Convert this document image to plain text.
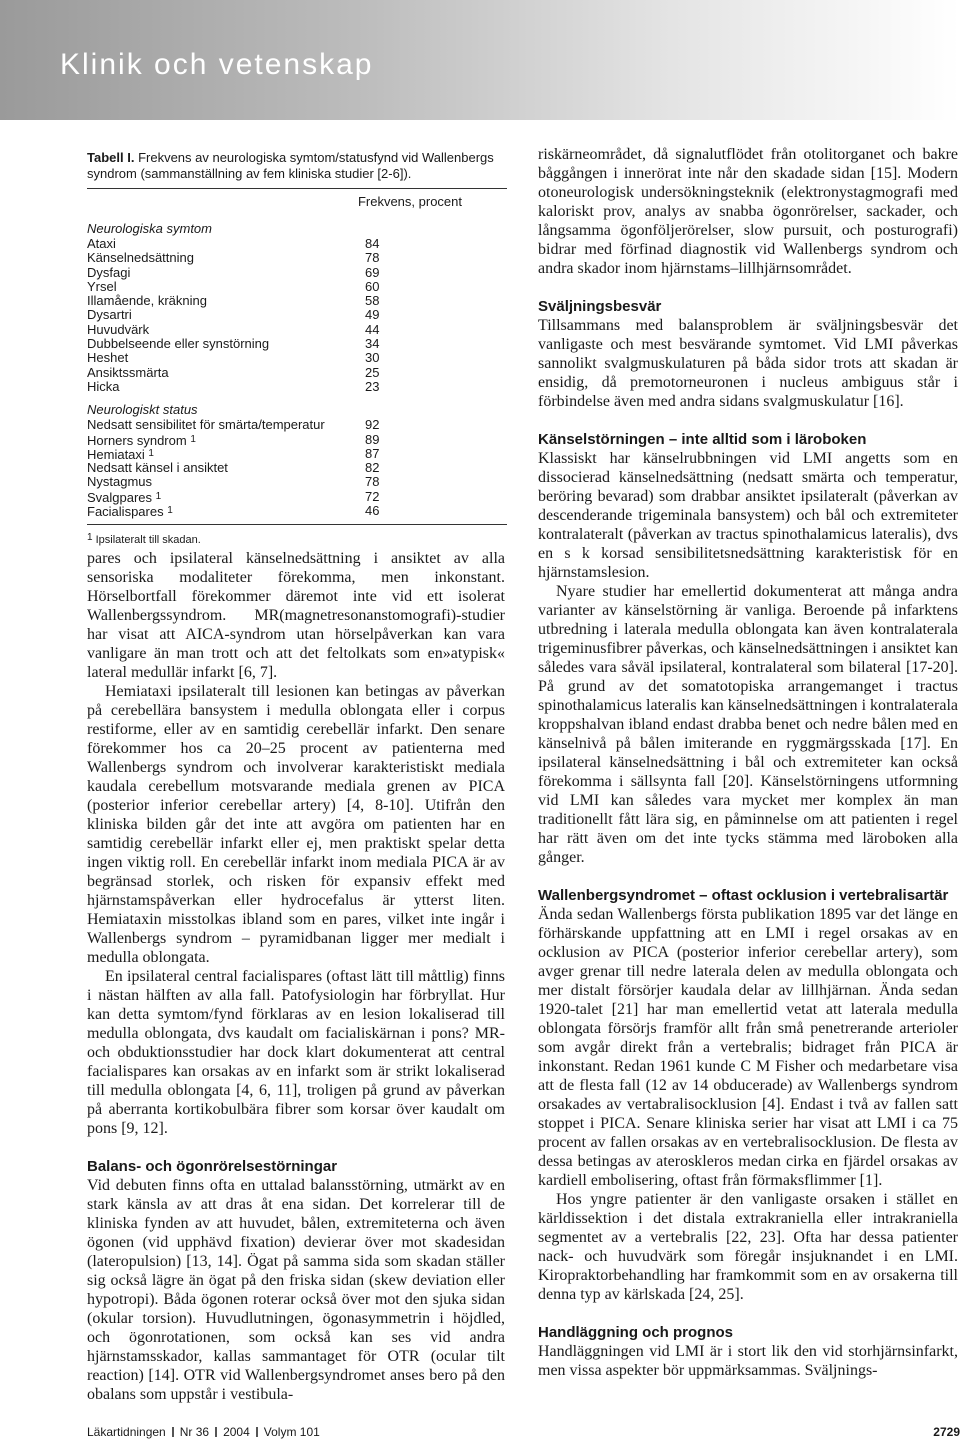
Klinik och vetenskap

Tabell I. Frekvens av neurologiska symtom/statusfynd vid Wallenbergs syndrom (sammanställning av fem kliniska studier [2-6]).

Frekvens, procent
Neurologiska symtom
Ataxi	84
Känselnedsättning	78
Dysfagi	69
Yrsel	60
Illamående, kräkning	58
Dysartri	49
Huvudvärk	44
Dubbelseende eller synstörning	34
Heshet	30
Ansiktssmärta	25
Hicka	23
Neurologiskt status
Nedsatt sensibilitet för smärta/temperatur	92
Horners syndrom $^1$	89
Hemiataxi $^1$	87
Nedsatt känsel i ansiktet	82
Nystagmus	78
Svalgpares $^1$	72
Facialispares $^1$	46
1 Ipsilateralt till skadan.

pares och ipsilateral känselnedsättning i ansiktet av alla sensoriska modaliteter förekomma, men inkonstant. Hörselbortfall förekommer däremot inte vid ett isolerat Wallenbergssyndrom. MR(magnetresonanstomografi)-studier har visat att AICA-syndrom utan hörselpåverkan kan vara vanligare än man trott och att det feltolkats som en»atypisk« lateral medullär infarkt [6, 7].

Hemiataxi ipsilateralt till lesionen kan betingas av påverkan på cerebellära bansystem i medulla oblongata eller i corpus restiforme, eller av en samtidig cerebellär infarkt. Den senare förekommer hos ca 20–25 procent av patienterna med Wallenbergs syndrom och involverar karakteristiskt mediala kaudala cerebellum motsvarande mediala grenen av PICA (posterior inferior cerebellar artery) [4, 8-10]. Utifrån den kliniska bilden går det inte att avgöra om patienten har en samtidig cerebellär infarkt eller ej, men praktiskt spelar detta ingen viktig roll. En cerebellär infarkt inom mediala PICA är av begränsad storlek, och risken för expansiv effekt med hjärnstamspåverkan eller hydrocefalus är ytterst liten. Hemiataxin misstolkas ibland som en pares, vilket inte ingår i Wallenbergs syndrom – pyramidbanan ligger mer medialt i medulla oblongata.

En ipsilateral central facialispares (oftast lätt till måttlig) finns i nästan hälften av alla fall. Patofysiologin har förbryllat. Hur kan detta symtom/fynd förklaras av en lesion lokaliserad till medulla oblongata, dvs kaudalt om facialiskärnan i pons? MR- och obduktionsstudier har dock klart dokumenterat att central facialispares kan orsakas av en infarkt som är strikt lokaliserad till medulla oblongata [4, 6, 11], troligen på grund av påverkan på aberranta kortikobulbära fibrer som korsar över kaudalt om pons [9, 12].

Balans- och ögonrörelsestörningar

Vid debuten finns ofta en uttalad balansstörning, utmärkt av en stark känsla av att dras åt ena sidan. Det korrelerar till de kliniska fynden av att huvudet, bålen, extremiteterna och även ögonen (vid upphävd fixation) devierar över mot skadesidan (lateropulsion) [13, 14]. Ögat på samma sida som skadan ställer sig också lägre än ögat på den friska sidan (skew deviation eller hypotropi). Båda ögonen roterar också över mot den sjuka sidan (okular torsion). Huvudlutningen, ögonasymmetrin i höjdled, och ögonrotationen, som också kan ses vid andra hjärnstamsskador, kallas sammantaget för OTR (ocular tilt reaction) [14]. OTR vid Wallenbergsyndromet anses bero på den obalans som uppstår i vestibula-

riskärneområdet, då signalutflödet från otolitorganet och bakre båggången i innerörat inte når den skadade sidan [15]. Modern otoneurologisk undersökningsteknik (elektronystagmografi med kaloriskt prov, analys av snabba ögonrörelser, sackader, och långsamma ögonföljerörelser, slow pursuit, och posturografi) bidrar med förfinad diagnostik vid Wallenbergs syndrom och andra skador inom hjärnstams–lillhjärnsområdet.

Sväljningsbesvär

Tillsammans med balansproblem är sväljningsbesvär det vanligaste och mest besvärande symtomet. Vid LMI påverkas sannolikt svalgmuskulaturen på båda sidor trots att skadan är ensidig, då premotorneuronen i nucleus ambiguus står i förbindelse även med andra sidans svalgmuskulatur [16].

Känselstörningen – inte alltid som i läroboken

Klassiskt har känselrubbningen vid LMI angetts som en dissocierad känselnedsättning (nedsatt smärta och temperatur, beröring bevarad) som drabbar ansiktet ipsilateralt (påverkan av descenderande trigeminala bansystem) och bål och extremiteter kontralateralt (påverkan av tractus spinothalamicus lateralis), dvs en s k korsad sensibilitetsnedsättning karakteristisk för en hjärnstamslesion.

Nyare studier har emellertid dokumenterat att många andra varianter av känselstörning är vanliga. Beroende på infarktens utbredning i laterala medulla oblongata kan även kontralaterala trigeminusfibrer påverkas, och känselnedsättningen i ansiktet kan således vara såväl ipsilateral, kontralateral som bilateral [17-20]. På grund av det somatotopiska arrangemanget i tractus spinothalamicus lateralis kan känselnedsättningen i kontralaterala kroppshalvan ibland endast drabba benet och nedre bålen med en känselnivå på bålen imiterande en ryggmärgsskada [17]. En ipsilateral känselnedsättning i bål och extremiteter kan också förekomma i sällsynta fall [20]. Känselstörningens utformning vid LMI kan således vara mycket mer komplex än man traditionellt fått lära sig, en påminnelse om att patienten i regel har rätt även om det inte tycks stämma med läroboken alla gånger.

Wallenbergsyndromet – oftast ocklusion i vertebralisartär

Ända sedan Wallenbergs första publikation 1895 var det länge en förhärskande uppfattning att en LMI i regel orsakas av en ocklusion av PICA (posterior inferior cerebellar artery), som avger grenar till nedre laterala delen av medulla oblongata och mer distalt försörjer kaudala delar av lillhjärnan. Ända sedan 1920-talet [21] har man emellertid vetat att laterala medulla oblongata försörjs framför allt från små penetrerande arterioler som avgår direkt från a vertebralis; bidraget från PICA är inkonstant. Redan 1961 kunde C M Fisher och medarbetare visa att de flesta fall (12 av 14 obducerade) av Wallenbergs syndrom orsakades av vertabralisocklusion [4]. Endast i två av fallen satt stoppet i PICA. Senare kliniska serier har visat att LMI i ca 75 procent av fallen orsakas av en vertebralisocklusion. De flesta av dessa betingas av ateroskleros medan cirka en fjärdel orsakas av kardiell embolisering, oftast från förmaksflimmer [1].

Hos yngre patienter är den vanligaste orsaken i stället en kärldissektion i det distala extrakraniella eller intrakraniella segmentet av a vertebralis [22, 23]. Ofta har dessa patienter nack- och huvudvärk som föregår insjuknandet i en LMI. Kiropraktorbehandling har framkommit som en av orsakerna till denna typ av kärlskada [24, 25].

Handläggning och prognos

Handläggningen vid LMI är i stort lik den vid storhjärnsinfarkt, men vissa aspekter bör uppmärksammas. Sväljnings-

Läkartidningen Nr 36 2004 Volym 101	2729
